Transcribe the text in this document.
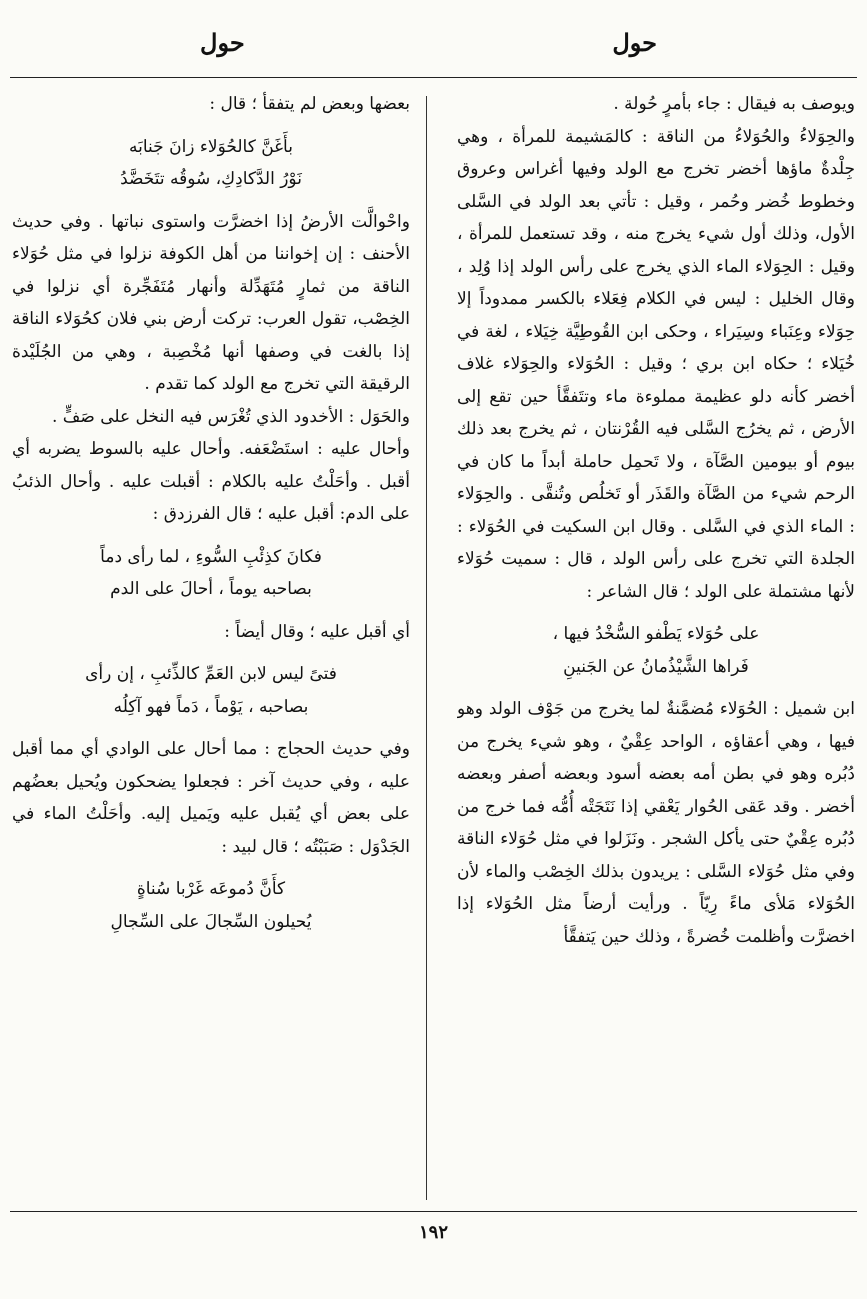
حول
حول

ويوصف به فيقال : جاء بأمرٍ حُولة .

والحِوَلاءُ والحُوَلاءُ من الناقة : كالمَشيمة للمرأة ، وهي جِلْدةٌ ماؤها أخضر تخرج مع الولد وفيها أغراس وعروق وخطوط خُضر وحُمر ، وقيل : تأتي بعد الولد في السَّلى الأول، وذلك أول شيء يخرج منه ، وقد تستعمل للمرأة ، وقيل : الحِوَلاء الماء الذي يخرج على رأس الولد إذا وُلِد ، وقال الخليل : ليس في الكلام فِعَلاء بالكسر ممدوداً إلا حِوَلاء وعِنَباء وسِيَراء ، وحكى ابن القُوطِيَّة خِيَلاء ، لغة في خُيَلاء ؛ حكاه ابن بري ؛ وقيل : الحُوَلاء والحِوَلاء غلاف أخضر كأنه دلو عظيمة مملوءة ماء وتتَفقَّأ حين تقع إلى الأرض ، ثم يخرُج السَّلى فيه القُرْنتان ، ثم يخرج بعد ذلك بيوم أو بيومين الصَّآة ، ولا تَحمِل حاملة أبداً ما كان في الرحم شيء من الصَّآة والقَذَر أو تَخلُص وتُنقَّى . والحِوَلاء : الماء الذي في السَّلى . وقال ابن السكيت في الحُوَلاء : الجلدة التي تخرج على رأس الولد ، قال : سميت حُوَلاء لأنها مشتملة على الولد ؛ قال الشاعر :

على حُوَلاء يَطْفو السُّخْدُ فيها ،
فَراها الشَّيْذُمانُ عن الجَنينِ

ابن شميل : الحُوَلاء مُضمَّنةٌ لما يخرج من جَوْف الولد وهو فيها ، وهي أعقاؤه ، الواحد عِقْيٌ ، وهو شيء يخرج من دُبُره وهو في بطن أمه بعضه أسود وبعضه أصفر وبعضه أخضر . وقد عَقى الحُوار يَعْقي إذا نَتَجَتْه أُمُّه فما خرج من دُبُره عِقْيٌ حتى يأكل الشجر . ونَزَلوا في مثل حُوَلاء الناقة وفي مثل حُوَلاء السَّلى : يريدون بذلك الخِصْب والماء لأن الحُوَلاء مَلأى ماءً رِيّاً . ورأيت أرضاً مثل الحُوَلاء إذا اخضرَّت وأظلمت خُضرةً ، وذلك حين يَتفقَّأ

بعضها وبعض لم يتفقأ ؛ قال :

بأَغَنَّ كالحُوَلاء زانَ جَنابَه
نَوْرُ الدَّكادِكِ، سُوقُه تتَخَضَّدُ

واحْوالَّت الأرضُ إذا اخضرَّت واستوى نباتها . وفي حديث الأحنف : إن إخواننا من أهل الكوفة نزلوا في مثل حُوَلاء الناقة من ثمارٍ مُتَهَدِّلة وأنهار مُتَفَجِّرة أي نزلوا في الخِصْب، تقول العرب: تركت أرض بني فلان كحُوَلاء الناقة إذا بالغت في وصفها أنها مُخْصِبة ، وهي من الجُلَيْدة الرقيقة التي تخرج مع الولد كما تقدم .

والحَوَل : الأخدود الذي تُغْرَس فيه النخل على صَفٍّ .

وأحال عليه : استَضْعَفه. وأحال عليه بالسوط يضربه أي أقبل . وأحَلْتُ عليه بالكلام : أقبلت عليه . وأحال الذئبُ على الدم: أقبل عليه ؛ قال الفرزدق :

فكانَ كذِئْبِ السُّوءِ ، لما رأى دماً
بصاحبه يوماً ، أحالَ على الدم

أي أقبل عليه ؛ وقال أيضاً :

فتىً ليس لابن العَمِّ كالذِّئبِ ، إن رأى
بصاحبه ، يَوْماً ، دَماً فهو آكِلُه

وفي حديث الحجاج : مما أحال على الوادي أي مما أقبل عليه ، وفي حديث آخر : فجعلوا يضحكون ويُحيل بعضُهم على بعض أي يُقبل عليه ويَميل إليه. وأحَلْتُ الماء في الجَدْوَل : صَبَبْتُه ؛ قال لبيد :

كأَنَّ دُموعَه غَرْبا سُناةٍ
يُحيلون السِّجالَ على السِّجالِ
١٩٢
